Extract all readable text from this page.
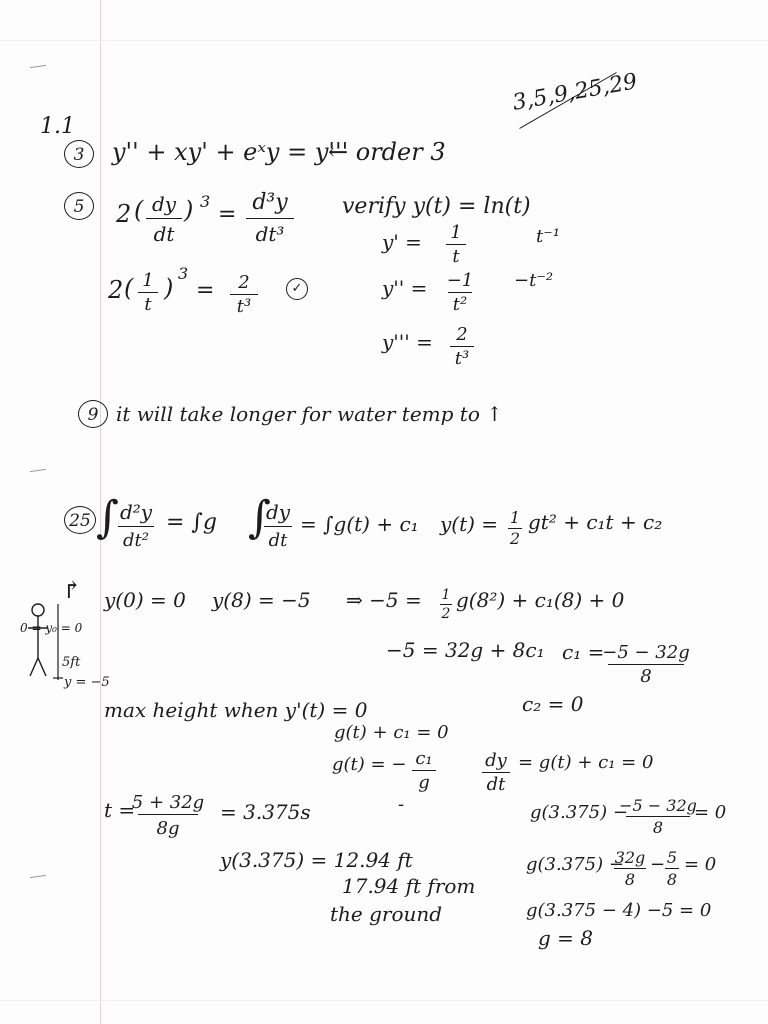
3,5,9,25,29
1.1
3	y'' + xy' + eˣy = y'''
← order 3
5	2 ( dy
dt
) 3
= d³y
dt³
verify y(t) = ln(t)
y' = 1
t
t⁻¹
2 ( 1
t
)
3
= 2
t³
✓	y'' = −1
t²
−t⁻²
y''' = 2
t³
9 it will take longer for water temp to ↑
25 ∫ d²y
dt²
= ∫g ∫
dy
dt
= ∫g(t) + c₁ y(t) = 1
2
gt² + c₁t + c₂
↱ y(0) = 0 y(8) = −5 ⇒ −5 = 1
2
g(8²) + c₁(8) + 0
0 = y₀ = 0
5ft
y = −5
−5 = 32g + 8c₁ c₁ =
−5 − 32g
8
max height when y'(t) = 0	c₂ = 0
g(t) + c₁ = 0
g(t) = − c₁
g
dy
dt
= g(t) + c₁ = 0
t =
5 + 32g
8g
= 3.375s	-	g(3.375) −
−5 − 32g
8
= 0
y(3.375) = 12.94 ft
17.94 ft from
the ground
g(3.375) −
32g
8
− 5
8
= 0
g(3.375 − 4) −5 = 0
g = 8
